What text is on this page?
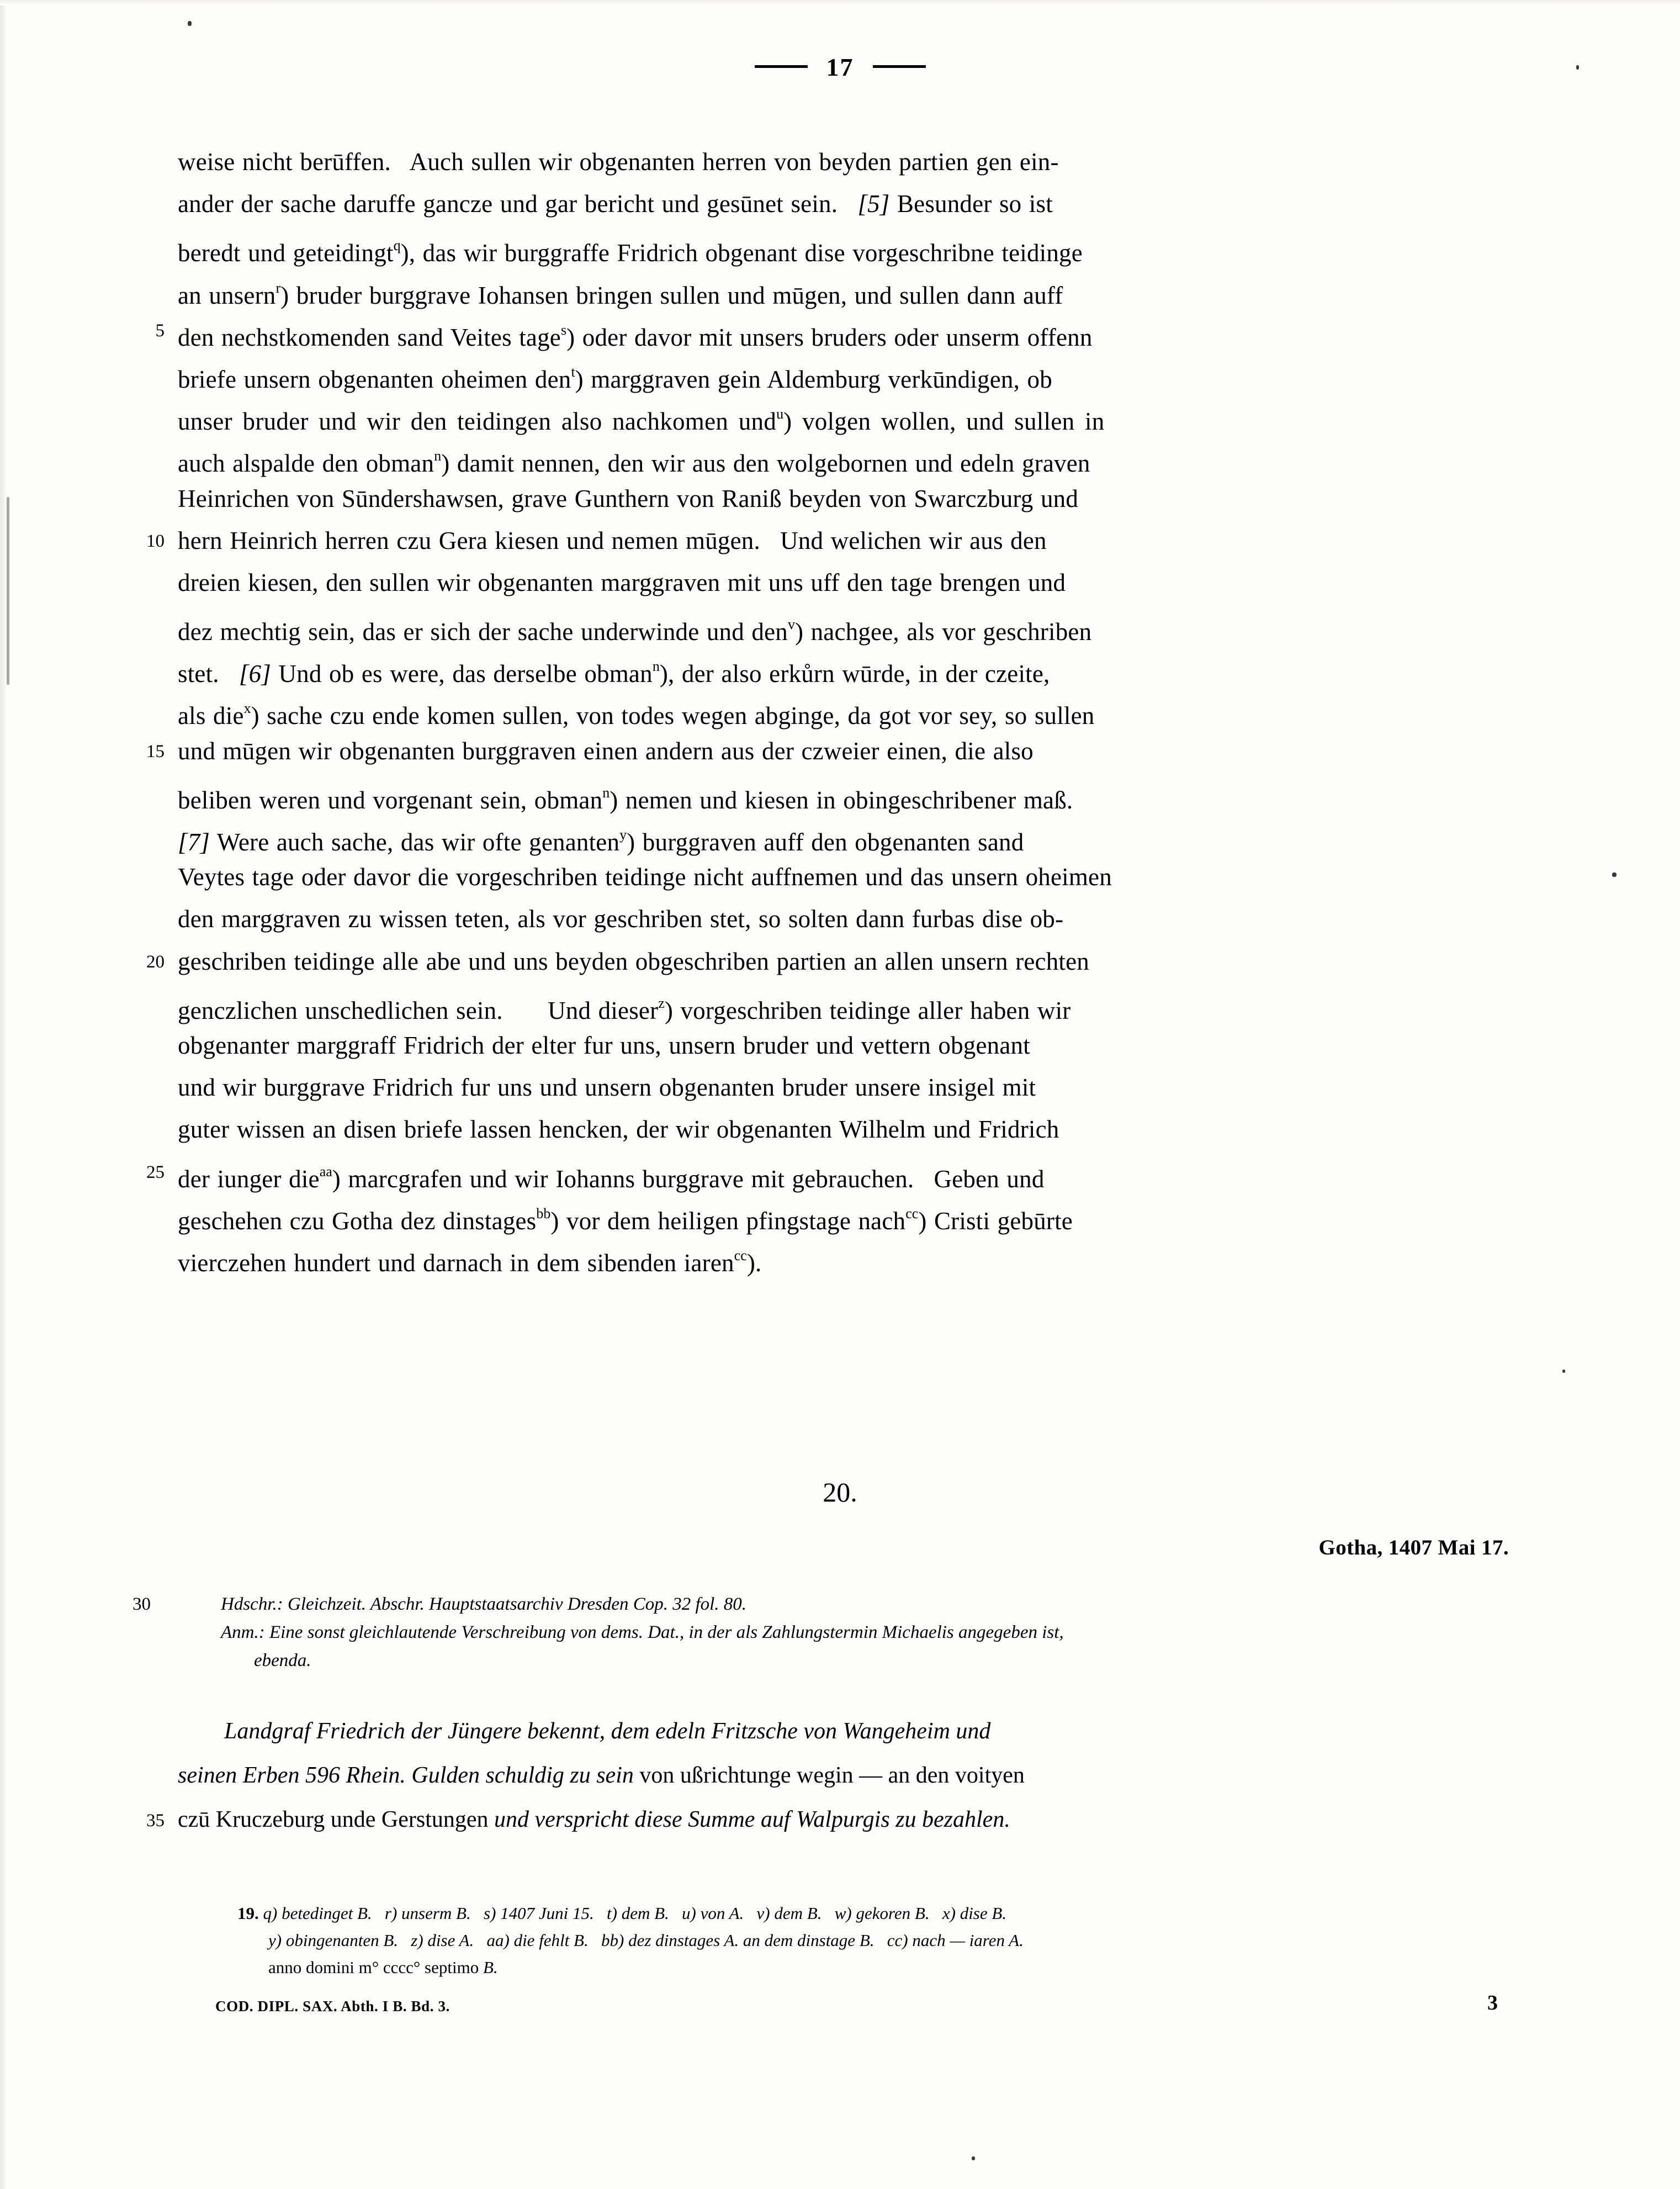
17
weise nicht berūffen.  Auch sullen wir obgenanten herren von beyden partien gen ein-
ander der sache daruffe gancze und gar bericht und gesūnet sein.  [5] Besunder so ist
beredt und geteidingt$^q$), das wir burggraffe Fridrich obgenant dise vorgeschribne teidinge
an unsern$^r$) bruder burggrave Iohansen bringen sullen und mūgen, und sullen dann auff
5 den nechstkomenden sand Veites tage$^s$) oder davor mit unsers bruders oder unserm offenn
briefe unsern obgenanten oheimen den$^t$) marggraven gein Aldemburg verkūndigen, ob
unser bruder und wir den teidingen also nachkomen und$^u$) volgen wollen, und sullen in
auch alspalde den obman$^n$) damit nennen, den wir aus den wolgebornen und edeln graven
Heinrichen von Sūndershawsen, grave Gunthern von Raniß beyden von Swarczburg und
10 hern Heinrich herren czu Gera kiesen und nemen mūgen.  Und welichen wir aus den
dreien kiesen, den sullen wir obgenanten marggraven mit uns uff den tage brengen und
dez mechtig sein, das er sich der sache underwinde und den$^v$) nachgee, als vor geschriben
stet.  [6] Und ob es were, das derselbe obman$^n$), der also erkůrn wūrde, in der czeite,
als die$^x$) sache czu ende komen sullen, von todes wegen abginge, da got vor sey, so sullen
15 und mūgen wir obgenanten burggraven einen andern aus der czweier einen, die also
beliben weren und vorgenant sein, obman$^n$) nemen und kiesen in obingeschribener maß.
[7] Were auch sache, das wir ofte genanten$^y$) burggraven auff den obgenanten sand
Veytes tage oder davor die vorgeschriben teidinge nicht auffnemen und das unsern oheimen
den marggraven zu wissen teten, als vor geschriben stet, so solten dann furbas dise ob-
20 geschriben teidinge alle abe und uns beyden obgeschriben partien an allen unsern rechten
genczlichen unschedlichen sein.   Und dieser$^z$) vorgeschriben teidinge aller haben wir
obgenanter marggraff Fridrich der elter fur uns, unsern bruder und vettern obgenant
und wir burggrave Fridrich fur uns und unsern obgenanten bruder unsere insigel mit
guter wissen an disen briefe lassen hencken, der wir obgenanten Wilhelm und Fridrich
25 der iunger die$^{aa}$) marcgrafen und wir Iohanns burggrave mit gebrauchen.  Geben und
geschehen czu Gotha dez dinstages$^{bb}$) vor dem heiligen pfingstage nach$^{cc}$) Cristi gebūrte
vierczehen hundert und darnach in dem sibenden iaren$^{cc}$).
20.
Gotha, 1407 Mai 17.
30	Hdschr.: Gleichzeit. Abschr. Hauptstaatsarchiv Dresden Cop. 32 fol. 80.
Anm.: Eine sonst gleichlautende Verschreibung von dems. Dat., in der als Zahlungstermin Michaelis angegeben ist,
ebenda.
  Landgraf Friedrich der Jüngere bekennt, dem edeln Fritzsche von Wangeheim und
seinen Erben 596 Rhein. Gulden schuldig zu sein von ußrichtunge wegin — an den voityen
35 czū Kruczeburg unde Gerstungen und verspricht diese Summe auf Walpurgis zu bezahlen.
19. q) betedinget B.  r) unserm B.  s) 1407 Juni 15.  t) dem B.  u) von A.  v) dem B.  w) gekoren B.  x) dise B.
y) obingenanten B.  z) dise A.  aa) die fehlt B.  bb) dez dinstages A. an dem dinstage B.  cc) nach — iaren A.
anno domini m° cccc° septimo B.
COD. DIPL. SAX. Abth. I B. Bd. 3.	3
